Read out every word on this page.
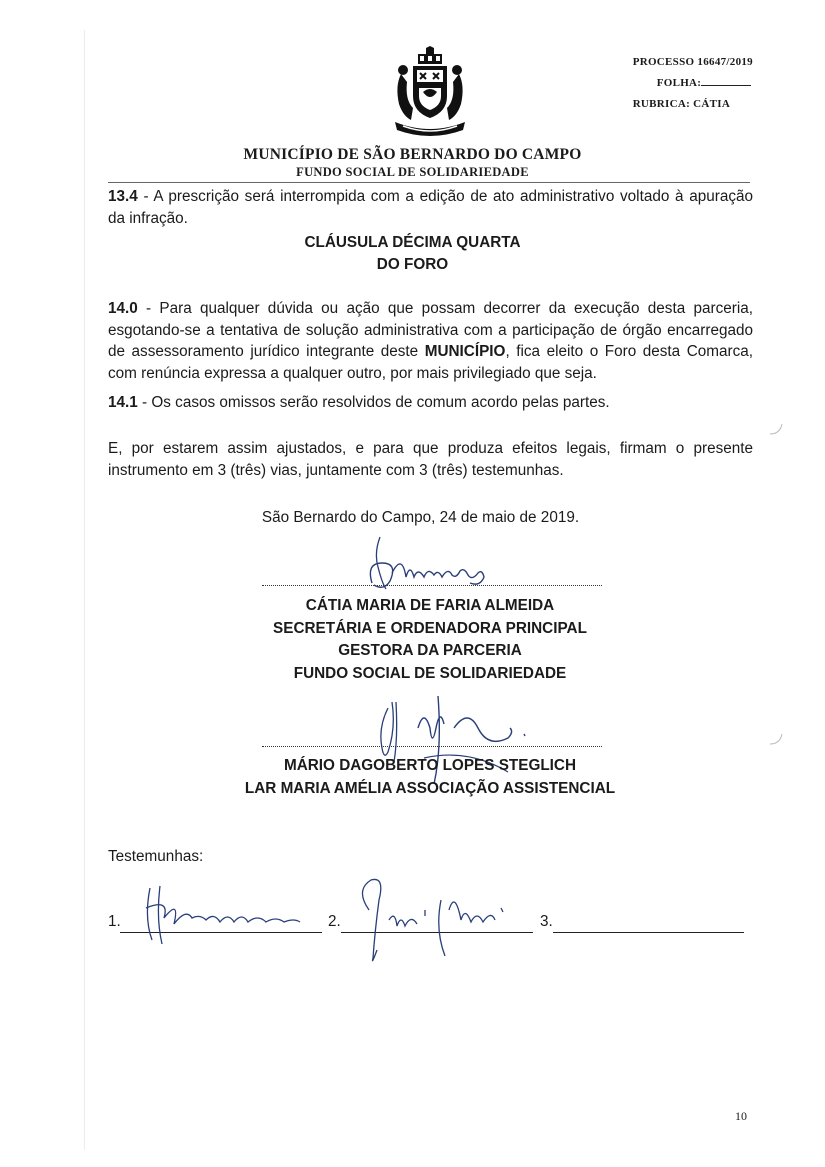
PROCESSO 16647/2019
FOLHA:
RUBRICA: CÁTIA
MUNICÍPIO DE SÃO BERNARDO DO CAMPO
FUNDO SOCIAL DE SOLIDARIEDADE
13.4 - A prescrição será interrompida com a edição de ato administrativo voltado à apuração da infração.
CLÁUSULA DÉCIMA QUARTA
DO FORO
14.0 - Para qualquer dúvida ou ação que possam decorrer da execução desta parceria, esgotando-se a tentativa de solução administrativa com a participação de órgão encarregado de assessoramento jurídico integrante deste MUNICÍPIO, fica eleito o Foro desta Comarca, com renúncia expressa a qualquer outro, por mais privilegiado que seja.
14.1 - Os casos omissos serão resolvidos de comum acordo pelas partes.
E, por estarem assim ajustados, e para que produza efeitos legais, firmam o presente instrumento em 3 (três) vias, juntamente com 3 (três) testemunhas.
São Bernardo do Campo, 24 de maio de 2019.
CÁTIA MARIA DE FARIA ALMEIDA
SECRETÁRIA E ORDENADORA PRINCIPAL
GESTORA DA PARCERIA
FUNDO SOCIAL DE SOLIDARIEDADE
MÁRIO DAGOBERTO LOPES STEGLICH
LAR MARIA AMÉLIA ASSOCIAÇÃO ASSISTENCIAL
Testemunhas:
1.	2.	3.
10
